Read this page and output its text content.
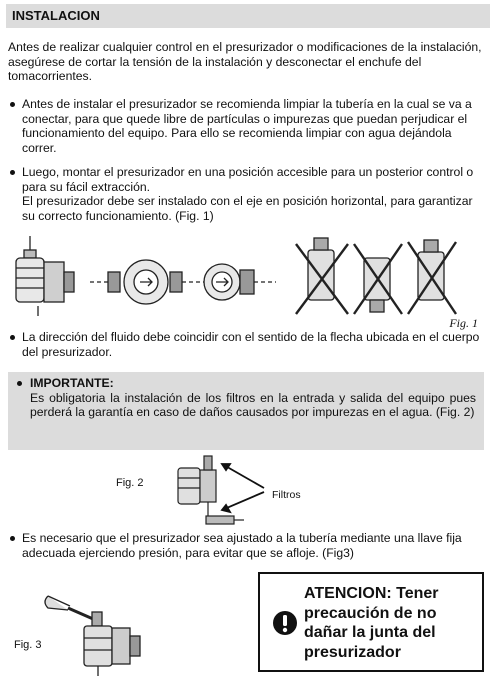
INSTALACION

Antes de realizar cualquier control en el presurizador o modificaciones de la instalación, asegúrese de cortar la tensión de la instalación y desconectar el enchufe del tomacorrientes.

Antes de instalar el presurizador se recomienda limpiar la tubería en la cual se va a conectar, para que quede libre de partículas o impurezas que puedan perjudicar el funcionamiento del equipo. Para ello se recomienda limpiar con agua dejándola correr.
Luego, montar el presurizador en una posición accesible para un posterior control o para su fácil extracción.
El presurizador debe ser instalado con el eje en posición horizontal, para garantizar su correcto funcionamiento. (Fig. 1)
Fig. 1
La dirección del fluido debe coincidir con el sentido de la flecha ubicada en el cuerpo del presurizador.
IMPORTANTE:
Es obligatoria la instalación de los filtros en la entrada y salida del equipo pues perderá la garantía en caso de daños causados por impurezas en el agua. (Fig. 2)
Fig. 2
Filtros
Es necesario que el presurizador sea ajustado a la tubería mediante una llave fija adecuada ejerciendo presión, para evitar que se afloje. (Fig3)
Fig. 3
ATENCION: Tener precaución de no dañar la junta del presurizador
